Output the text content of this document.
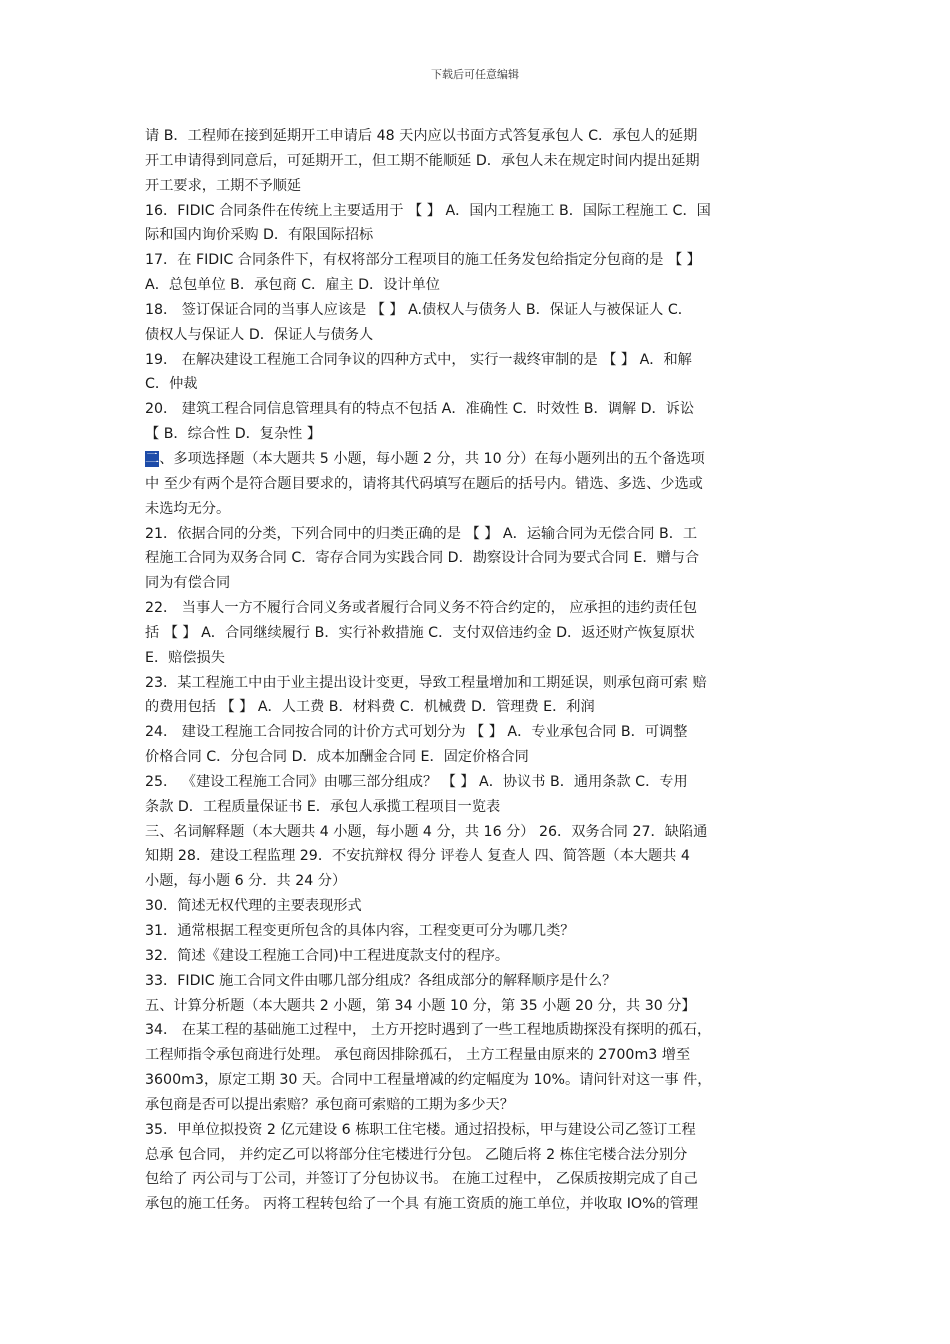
下载后可任意编辑
请 B．工程师在接到延期开工申请后 48 天内应以书面方式答复承包人 C．承包人的延期
开工申请得到同意后，可延期开工，但工期不能顺延 D．承包人未在规定时间内提出延期
开工要求，工期不予顺延
16．FIDIC 合同条件在传统上主要适用于 【 】 A．国内工程施工 B．国际工程施工 C．国
际和国内询价采购 D．有限国际招标
17．在 FIDIC 合同条件下，有权将部分工程项目的施工任务发包给指定分包商的是 【 】
A．总包单位 B．承包商 C．雇主 D．设计单位
18． 签订保证合同的当事人应该是 【 】 A.债权人与债务人 B．保证人与被保证人 C．
债权人与保证人 D．保证人与债务人
19． 在解决建设工程施工合同争议的四种方式中， 实行一裁终审制的是 【 】 A．和解
C．仲裁
20． 建筑工程合同信息管理具有的特点不包括 A．准确性 C．时效性 B．调解 D．诉讼
【 B．综合性 D．复杂性 】
二、多项选择题（本大题共 5 小题，每小题 2 分，共 10 分）在每小题列出的五个备选项
中 至少有两个是符合题目要求的，请将其代码填写在题后的括号内。错选、多选、少选或
未选均无分。
21．依据合同的分类，下列合同中的归类正确的是 【 】 A．运输合同为无偿合同 B．工
程施工合同为双务合同 C．寄存合同为实践合同 D．勘察设计合同为要式合同 E．赠与合
同为有偿合同
22． 当事人一方不履行合同义务或者履行合同义务不符合约定的， 应承担的违约责任包
括 【 】 A．合同继续履行 B．实行补救措施 C．支付双倍违约金 D．返还财产恢复原状
E．赔偿损失
23．某工程施工中由于业主提出设计变更，导致工程量增加和工期延误，则承包商可索 赔
的费用包括 【 】 A．人工费 B．材料费 C．机械费 D．管理费 E．利润
24． 建设工程施工合同按合同的计价方式可划分为 【 】 A．专业承包合同 B．可调整
价格合同 C．分包合同 D．成本加酬金合同 E．固定价格合同
25． 《建设工程施工合同》由哪三部分组成？ 【 】 A．协议书 B．通用条款 C．专用
条款 D．工程质量保证书 E．承包人承揽工程项目一览表
三、名词解释题（本大题共 4 小题，每小题 4 分，共 16 分） 26．双务合同 27．缺陷通
知期 28．建设工程监理 29．不安抗辩权 得分 评卷人 复查人 四、简答题（本大题共 4
小题，每小题 6 分．共 24 分）
30．简述无权代理的主要表现形式
31．通常根据工程变更所包含的具体内容，工程变更可分为哪几类？
32．简述《建设工程施工合同)中工程进度款支付的程序。
33．FIDIC 施工合同文件由哪几部分组成？各组成部分的解释顺序是什么？
五、计算分析题（本大题共 2 小题，第 34 小题 10 分，第 35 小题 20 分，共 30 分】
34． 在某工程的基础施工过程中， 土方开挖时遇到了一些工程地质勘探没有探明的孤石，
工程师指令承包商进行处理。 承包商因排除孤石， 土方工程量由原来的 2700m3 增至
3600m3，原定工期 30 天。合同中工程量增减的约定幅度为 10%。请问针对这一事 件，
承包商是否可以提出索赔？承包商可索赔的工期为多少天？
35．甲单位拟投资 2 亿元建设 6 栋职工住宅楼。通过招投标，甲与建设公司乙签订工程
总承 包合同， 并约定乙可以将部分住宅楼进行分包。 乙随后将 2 栋住宅楼合法分别分
包给了 丙公司与丁公司，并签订了分包协议书。 在施工过程中， 乙保质按期完成了自己
承包的施工任务。 丙将工程转包给了一个具 有施工资质的施工单位，并收取 IO%的管理
